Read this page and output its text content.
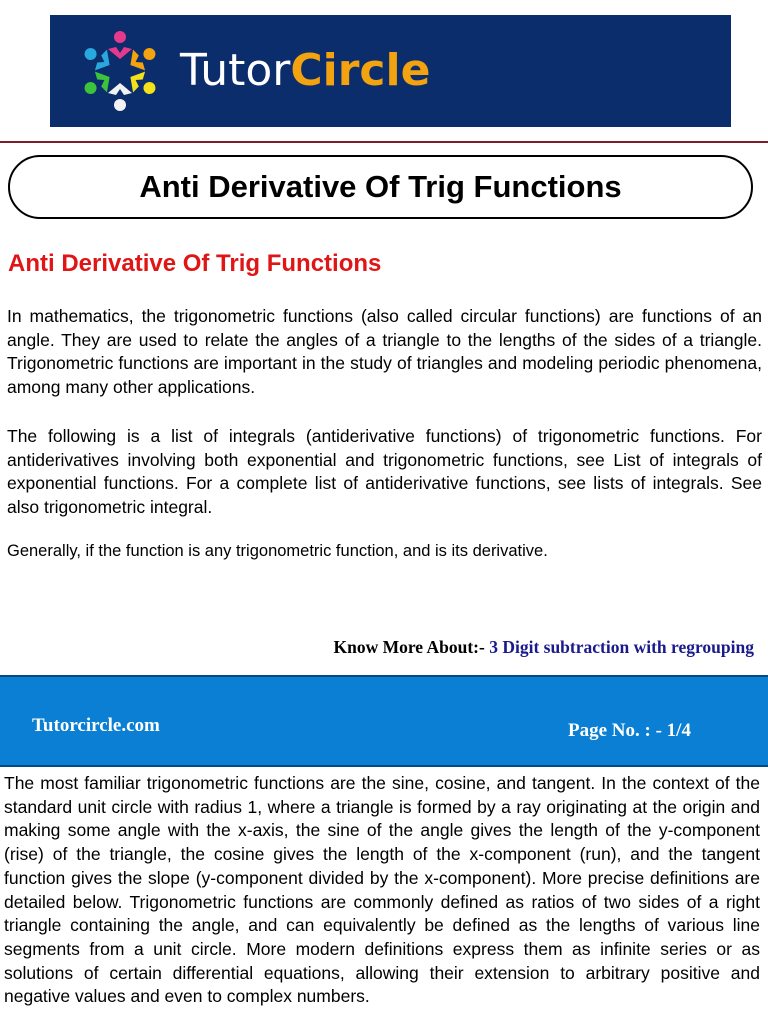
TutorCircle
Anti Derivative Of Trig Functions
Anti Derivative Of Trig Functions

In mathematics, the trigonometric functions (also called circular functions) are functions of an angle. They are used to relate the angles of a triangle to the lengths of the sides of a triangle. Trigonometric functions are important in the study of triangles and modeling periodic phenomena, among many other applications.

The following is a list of integrals (antiderivative functions) of trigonometric functions. For antiderivatives involving both exponential and trigonometric functions, see List of integrals of exponential functions. For a complete list of antiderivative functions, see lists of integrals. See also trigonometric integral.

Generally, if the function is any trigonometric function, and is its derivative.

Know More About:- 3 Digit subtraction with regrouping
Tutorcircle.com	Page No. : - 1/4

The most familiar trigonometric functions are the sine, cosine, and tangent. In the context of the standard unit circle with radius 1, where a triangle is formed by a ray originating at the origin and making some angle with the x-axis, the sine of the angle gives the length of the y-component (rise) of the triangle, the cosine gives the length of the x-component (run), and the tangent function gives the slope (y-component divided by the x-component). More precise definitions are detailed below. Trigonometric functions are commonly defined as ratios of two sides of a right triangle containing the angle, and can equivalently be defined as the lengths of various line segments from a unit circle. More modern definitions express them as infinite series or as solutions of certain differential equations, allowing their extension to arbitrary positive and negative values and even to complex numbers.
